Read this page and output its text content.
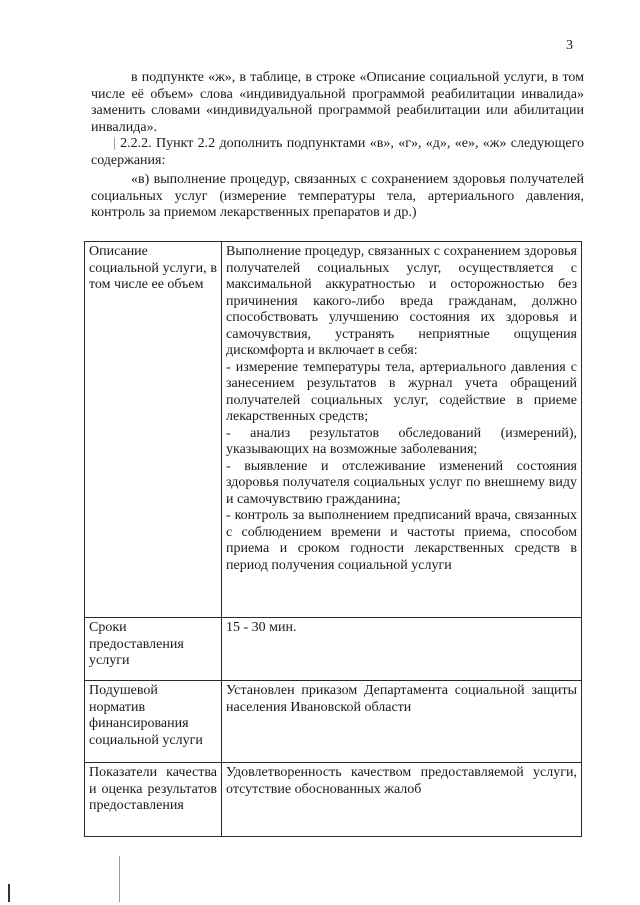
3

в подпункте «ж», в таблице, в строке «Описание социальной услуги, в том числе её объем» слова «индивидуальной программой реабилитации инвалида» заменить словами «индивидуальной программой реабилитации или абилитации инвалида».

| 2.2.2. Пункт 2.2 дополнить подпунктами «в», «г», «д», «е», «ж» следующего содержания:

«в) выполнение процедур, связанных с сохранением здоровья получателей социальных услуг (измерение температуры тела, артериального давления, контроль за приемом лекарственных препаратов и др.)

Описание социальной услуги, в том числе ее объем	Выполнение процедур, связанных с сохранением здоровья получателей социальных услуг, осуществляется с максимальной аккуратностью и осторожностью без причинения какого-либо вреда гражданам, должно способствовать улучшению состояния их здоровья и самочувствия, устранять неприятные ощущения дискомфорта и включает в себя:
- измерение температуры тела, артериального давления с занесением результатов в журнал учета обращений получателей социальных услуг, содействие в приеме лекарственных средств;
- анализ результатов обследований (измерений), указывающих на возможные заболевания;
- выявление и отслеживание изменений состояния здоровья получателя социальных услуг по внешнему виду и самочувствию гражданина;
- контроль за выполнением предписаний врача, связанных с соблюдением времени и частоты приема, способом приема и сроком годности лекарственных средств в период получения социальной услуги

Сроки предоставления услуги	15 - 30 мин.

Подушевой норматив финансирования социальной услуги	Установлен приказом Департамента социальной защиты населения Ивановской области

Показатели качества и оценка результатов предоставления	Удовлетворенность качеством предоставляемой услуги, отсутствие обоснованных жалоб
